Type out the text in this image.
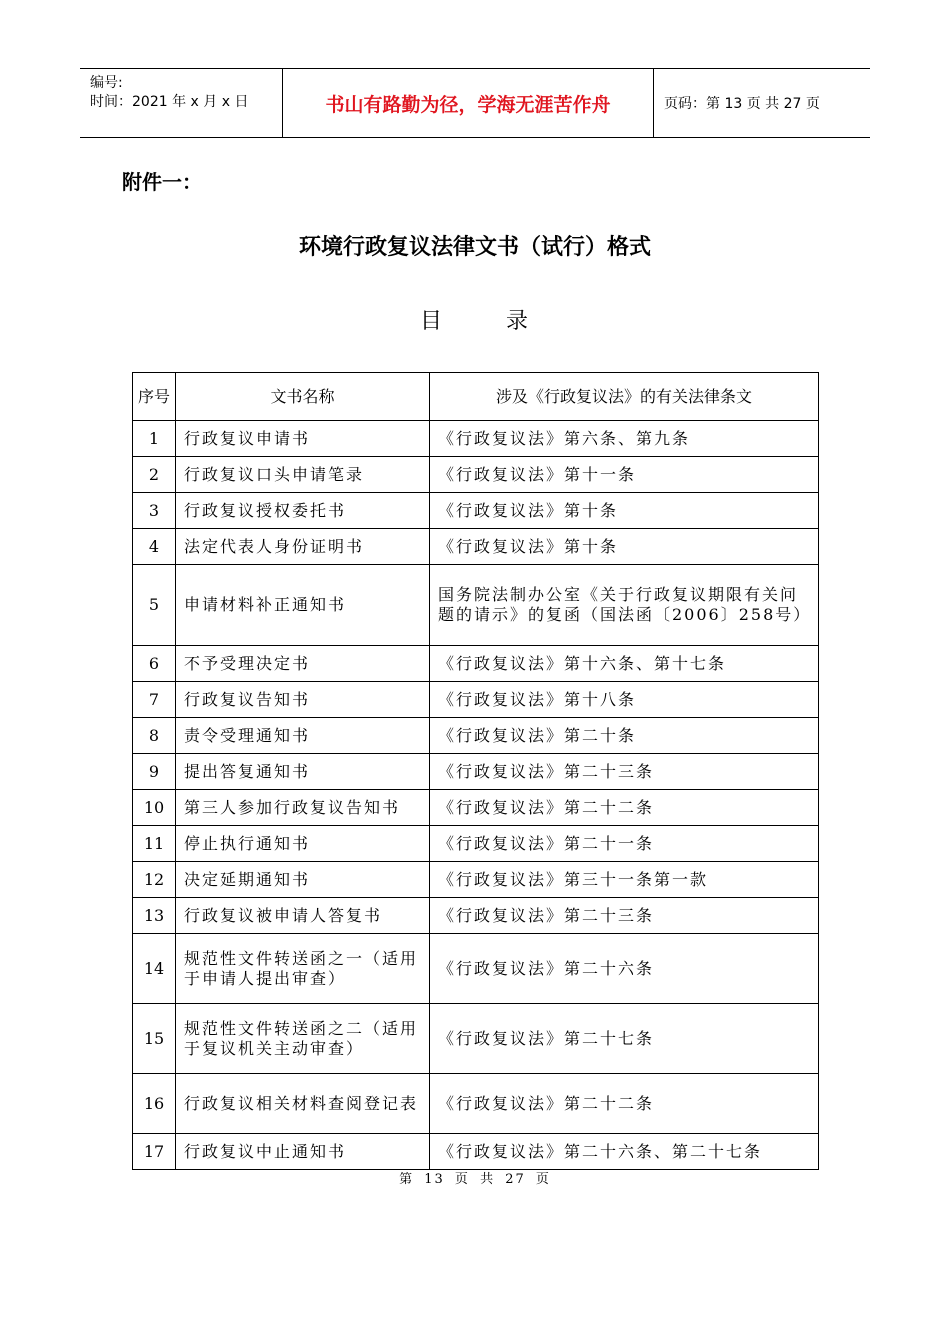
编号:
时间：2021 年 x 月 x 日	书山有路勤为径，学海无涯苦作舟	页码：第 13 页 共 27 页
附件一：
环境行政复议法律文书（试行）格式
目	录
序号	文书名称	涉及《行政复议法》的有关法律条文
1	行政复议申请书	《行政复议法》第六条、第九条
2	行政复议口头申请笔录	《行政复议法》第十一条
3	行政复议授权委托书	《行政复议法》第十条
4	法定代表人身份证明书	《行政复议法》第十条
5	申请材料补正通知书	国务院法制办公室《关于行政复议期限有关问题的请示》的复函（国法函〔2006〕258号）
6	不予受理决定书	《行政复议法》第十六条、第十七条
7	行政复议告知书	《行政复议法》第十八条
8	责令受理通知书	《行政复议法》第二十条
9	提出答复通知书	《行政复议法》第二十三条
10	第三人参加行政复议告知书	《行政复议法》第二十二条
11	停止执行通知书	《行政复议法》第二十一条
12	决定延期通知书	《行政复议法》第三十一条第一款
13	行政复议被申请人答复书	《行政复议法》第二十三条
14	规范性文件转送函之一（适用于申请人提出审查）	《行政复议法》第二十六条
15	规范性文件转送函之二（适用于复议机关主动审查）	《行政复议法》第二十七条
16	行政复议相关材料查阅登记表	《行政复议法》第二十二条
17	行政复议中止通知书	《行政复议法》第二十六条、第二十七条
第 13 页 共 27 页
